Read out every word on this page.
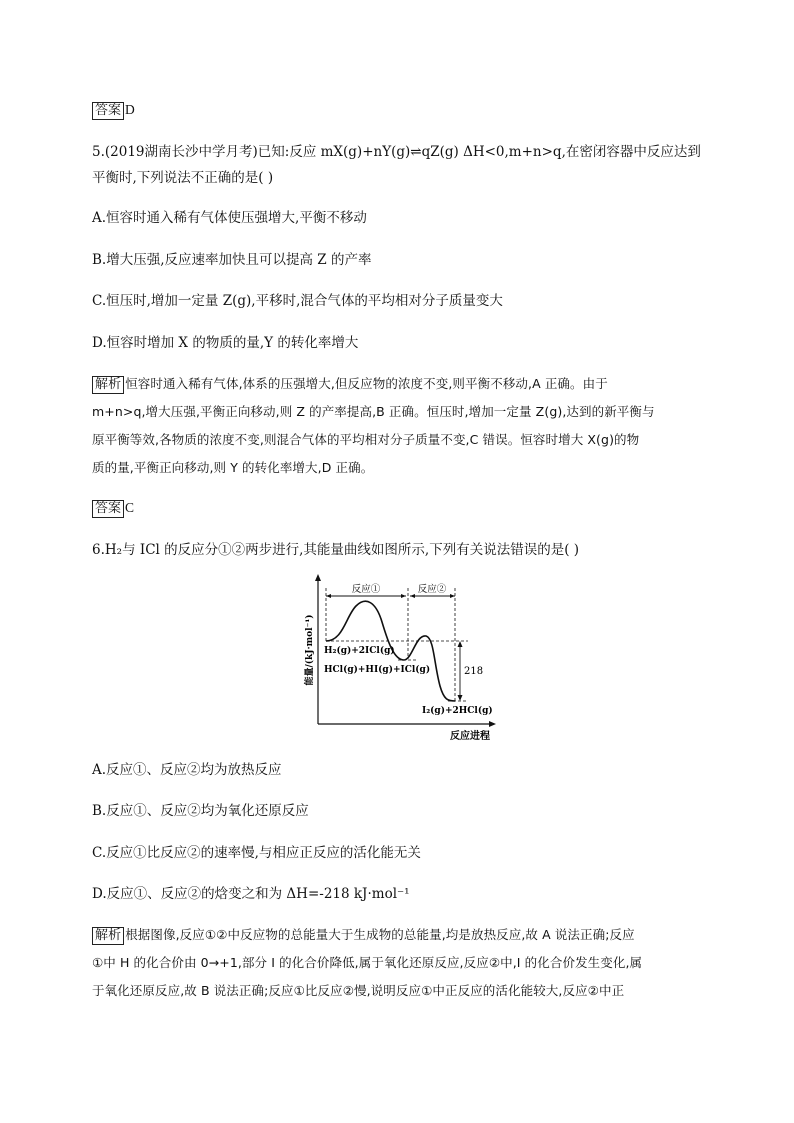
答案 D
5.(2019湖南长沙中学月考)已知:反应 mX(g)+nY(g)⇌qZ(g) ΔH<0,m+n>q,在密闭容器中反应达到
平衡时,下列说法不正确的是( )
A.恒容时通入稀有气体使压强增大,平衡不移动
B.增大压强,反应速率加快且可以提高 Z 的产率
C.恒压时,增加一定量 Z(g),平移时,混合气体的平均相对分子质量变大
D.恒容时增加 X 的物质的量,Y 的转化率增大
解析 恒容时通入稀有气体,体系的压强增大,但反应物的浓度不变,则平衡不移动,A 正确。由于
m+n>q,增大压强,平衡正向移动,则 Z 的产率提高,B 正确。恒压时,增加一定量 Z(g),达到的新平衡与
原平衡等效,各物质的浓度不变,则混合气体的平均相对分子质量不变,C 错误。恒容时增大 X(g)的物
质的量,平衡正向移动,则 Y 的转化率增大,D 正确。
答案 C
6.H₂与 ICl 的反应分①②两步进行,其能量曲线如图所示,下列有关说法错误的是( )
能量/(kJ·mol⁻¹)
反应①	反应②
218
H₂(g)+2ICl(g)
HCl(g)+HI(g)+ICl(g)
I₂(g)+2HCl(g)
反应进程
A.反应①、反应②均为放热反应
B.反应①、反应②均为氧化还原反应
C.反应①比反应②的速率慢,与相应正反应的活化能无关
D.反应①、反应②的焓变之和为 ΔH=-218 kJ·mol⁻¹
解析 根据图像,反应①②中反应物的总能量大于生成物的总能量,均是放热反应,故 A 说法正确;反应
①中 H 的化合价由 0→+1,部分 I 的化合价降低,属于氧化还原反应,反应②中,I 的化合价发生变化,属
于氧化还原反应,故 B 说法正确;反应①比反应②慢,说明反应①中正反应的活化能较大,反应②中正
